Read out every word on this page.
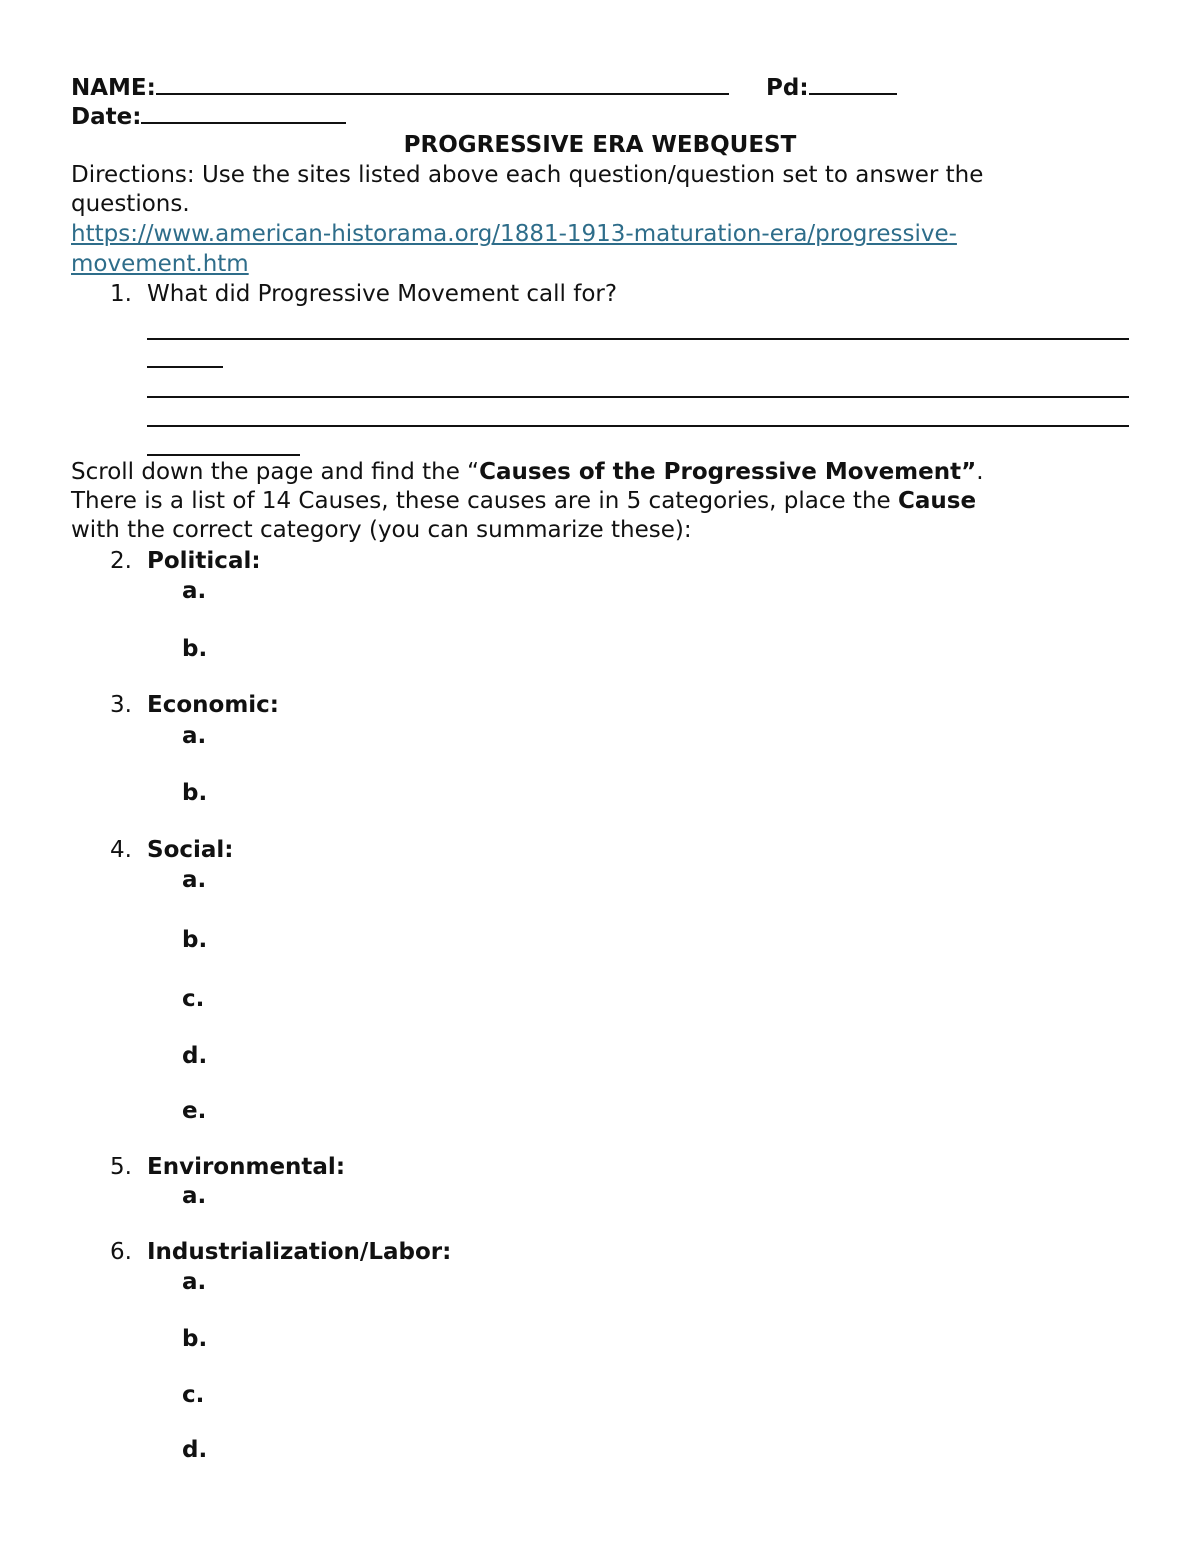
NAME:	Pd:
Date:
PROGRESSIVE ERA WEBQUEST
Directions: Use the sites listed above each question/question set to answer the
questions.
https://www.american-historama.org/1881-1913-maturation-era/progressive-
movement.htm
1. What did Progressive Movement call for?
Scroll down the page and find the “Causes of the Progressive Movement”.
There is a list of 14 Causes, these causes are in 5 categories, place the Cause
with the correct category (you can summarize these):
2. Political:
a.
b.
3. Economic:
a.
b.
4. Social:
a.
b.
c.
d.
e.
5. Environmental:
a.
6. Industrialization/Labor:
a.
b.
c.
d.
